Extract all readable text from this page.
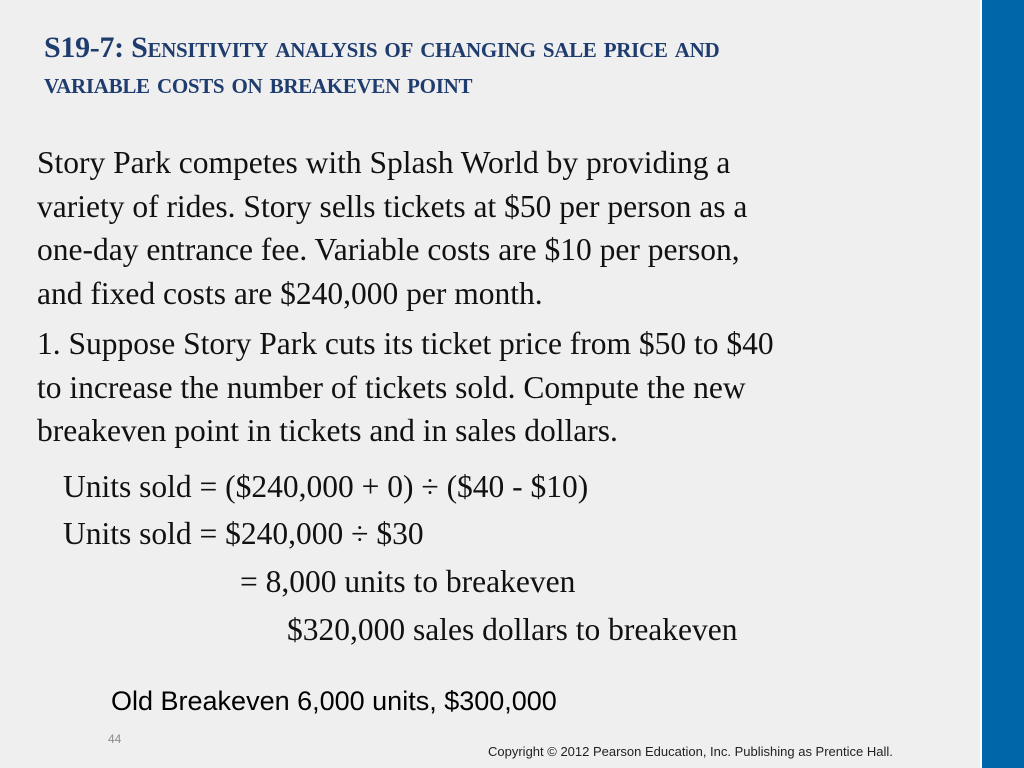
S19-7: Sensitivity analysis of changing sale price and
variable costs on breakeven point
Story Park competes with Splash World by providing a
variety of rides. Story sells tickets at $50 per person as a
one-day entrance fee. Variable costs are $10 per person,
and fixed costs are $240,000 per month.
1. Suppose Story Park cuts its ticket price from $50 to $40
to increase the number of tickets sold. Compute the new
breakeven point in tickets and in sales dollars.
Units sold = ($240,000 + 0) ÷ ($40 - $10)
Units sold = $240,000 ÷ $30
= 8,000 units to breakeven
$320,000 sales dollars to breakeven
Old Breakeven 6,000 units, $300,000
44
Copyright © 2012 Pearson Education, Inc. Publishing as Prentice Hall.
